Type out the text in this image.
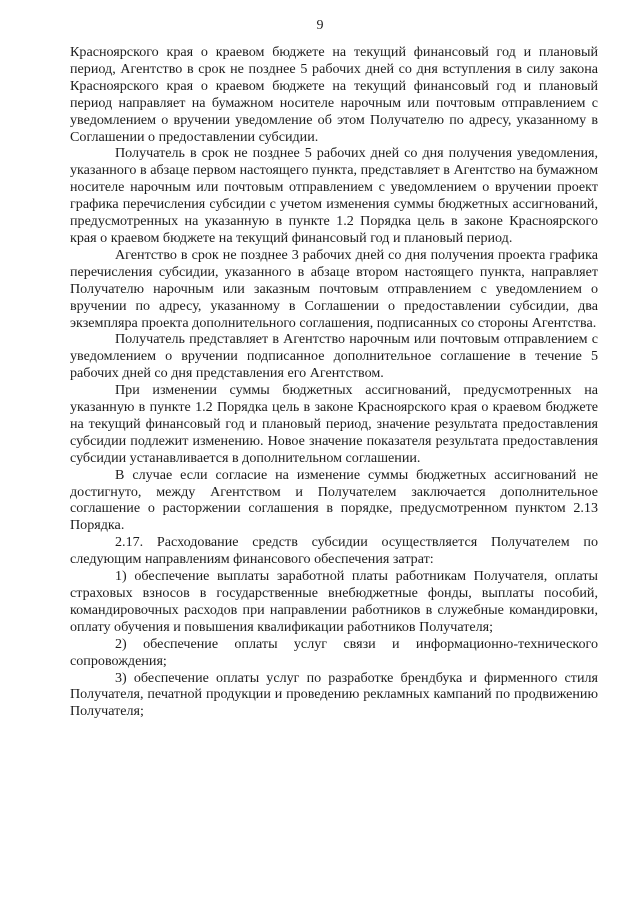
9

Красноярского края о краевом бюджете на текущий финансовый год и плановый период, Агентство в срок не позднее 5 рабочих дней со дня вступления в силу закона Красноярского края о краевом бюджете на текущий финансовый год и плановый период направляет на бумажном носителе нарочным или почтовым отправлением с уведомлением о вручении уведомление об этом Получателю по адресу, указанному в Соглашении о предоставлении субсидии.

Получатель в срок не позднее 5 рабочих дней со дня получения уведомления, указанного в абзаце первом настоящего пункта, представляет в Агентство на бумажном носителе нарочным или почтовым отправлением с уведомлением о вручении проект графика перечисления субсидии с учетом изменения суммы бюджетных ассигнований, предусмотренных на указанную в пункте 1.2 Порядка цель в законе Красноярского края о краевом бюджете на текущий финансовый год и плановый период.

Агентство в срок не позднее 3 рабочих дней со дня получения проекта графика перечисления субсидии, указанного в абзаце втором настоящего пункта, направляет Получателю нарочным или заказным почтовым отправлением с уведомлением о вручении по адресу, указанному в Соглашении о предоставлении субсидии, два экземпляра проекта дополнительного соглашения, подписанных со стороны Агентства.

Получатель представляет в Агентство нарочным или почтовым отправлением с уведомлением о вручении подписанное дополнительное соглашение в течение 5 рабочих дней со дня представления его Агентством.

При изменении суммы бюджетных ассигнований, предусмотренных на указанную в пункте 1.2 Порядка цель в законе Красноярского края о краевом бюджете на текущий финансовый год и плановый период, значение результата предоставления субсидии подлежит изменению. Новое значение показателя результата предоставления субсидии устанавливается в дополнительном соглашении.

В случае если согласие на изменение суммы бюджетных ассигнований не достигнуто, между Агентством и Получателем заключается дополнительное соглашение о расторжении соглашения в порядке, предусмотренном пунктом 2.13 Порядка.

2.17. Расходование средств субсидии осуществляется Получателем по следующим направлениям финансового обеспечения затрат:

1) обеспечение выплаты заработной платы работникам Получателя, оплаты страховых взносов в государственные внебюджетные фонды, выплаты пособий, командировочных расходов при направлении работников в служебные командировки, оплату обучения и повышения квалификации работников Получателя;

2) обеспечение оплаты услуг связи и информационно-технического сопровождения;

3) обеспечение оплаты услуг по разработке брендбука и фирменного стиля Получателя, печатной продукции и проведению рекламных кампаний по продвижению Получателя;
